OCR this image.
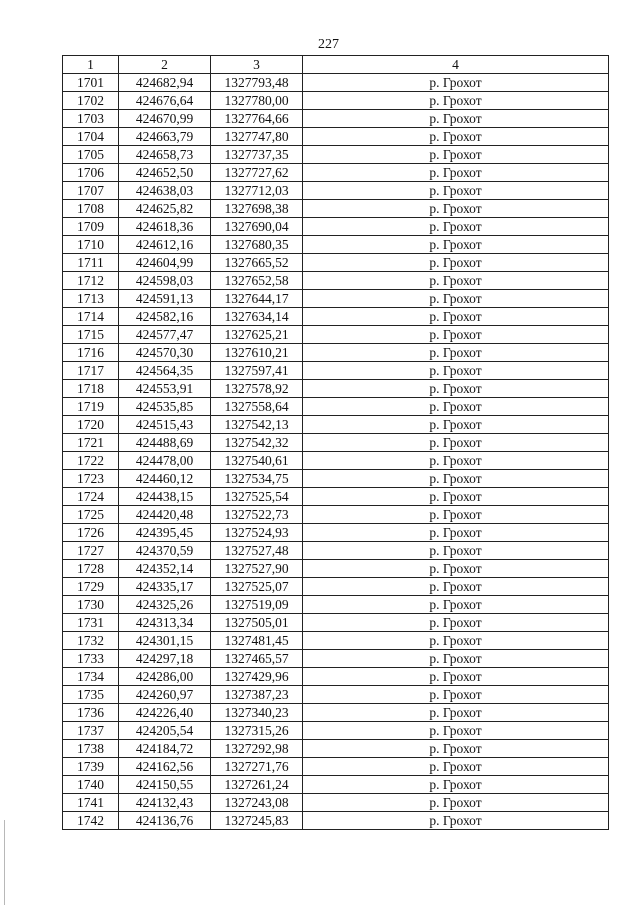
227
1	2	3	4
1701	424682,94	1327793,48	р. Грохот
1702	424676,64	1327780,00	р. Грохот
1703	424670,99	1327764,66	р. Грохот
1704	424663,79	1327747,80	р. Грохот
1705	424658,73	1327737,35	р. Грохот
1706	424652,50	1327727,62	р. Грохот
1707	424638,03	1327712,03	р. Грохот
1708	424625,82	1327698,38	р. Грохот
1709	424618,36	1327690,04	р. Грохот
1710	424612,16	1327680,35	р. Грохот
1711	424604,99	1327665,52	р. Грохот
1712	424598,03	1327652,58	р. Грохот
1713	424591,13	1327644,17	р. Грохот
1714	424582,16	1327634,14	р. Грохот
1715	424577,47	1327625,21	р. Грохот
1716	424570,30	1327610,21	р. Грохот
1717	424564,35	1327597,41	р. Грохот
1718	424553,91	1327578,92	р. Грохот
1719	424535,85	1327558,64	р. Грохот
1720	424515,43	1327542,13	р. Грохот
1721	424488,69	1327542,32	р. Грохот
1722	424478,00	1327540,61	р. Грохот
1723	424460,12	1327534,75	р. Грохот
1724	424438,15	1327525,54	р. Грохот
1725	424420,48	1327522,73	р. Грохот
1726	424395,45	1327524,93	р. Грохот
1727	424370,59	1327527,48	р. Грохот
1728	424352,14	1327527,90	р. Грохот
1729	424335,17	1327525,07	р. Грохот
1730	424325,26	1327519,09	р. Грохот
1731	424313,34	1327505,01	р. Грохот
1732	424301,15	1327481,45	р. Грохот
1733	424297,18	1327465,57	р. Грохот
1734	424286,00	1327429,96	р. Грохот
1735	424260,97	1327387,23	р. Грохот
1736	424226,40	1327340,23	р. Грохот
1737	424205,54	1327315,26	р. Грохот
1738	424184,72	1327292,98	р. Грохот
1739	424162,56	1327271,76	р. Грохот
1740	424150,55	1327261,24	р. Грохот
1741	424132,43	1327243,08	р. Грохот
1742	424136,76	1327245,83	р. Грохот
